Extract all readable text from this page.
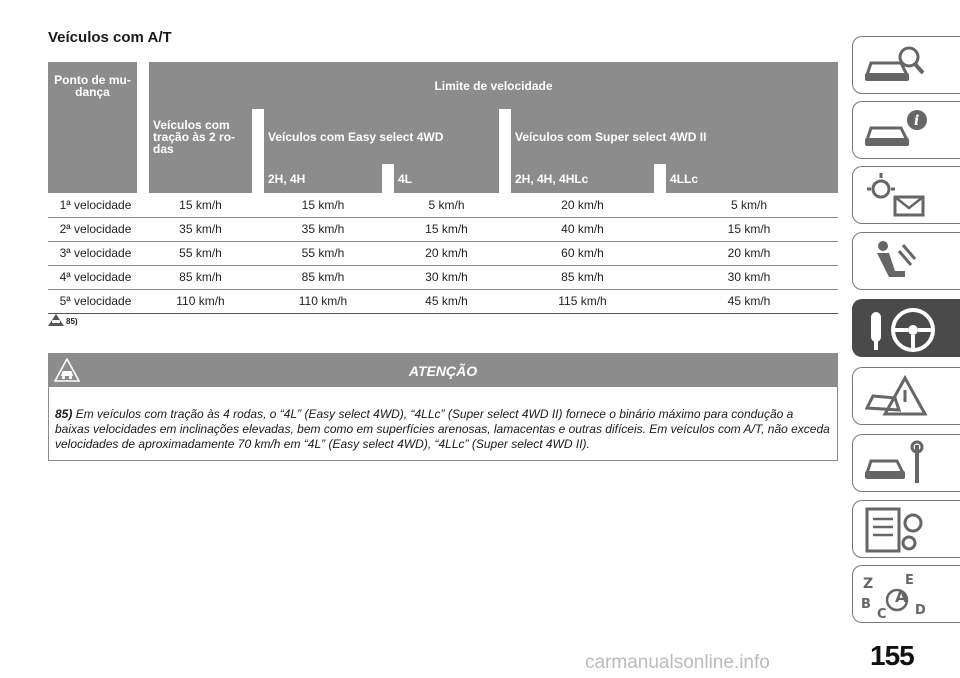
Veículos com A/T
Ponto de mu-
dança	Limite de velocidade				
	Veículos com
tração às 2 ro-
das	Veículos com Easy select 4WD		Veículos com Super select 4WD II	
		2H, 4H	4L	2H, 4H, 4HLc	4LLc
1ª velocidade	15 km/h	15 km/h	5 km/h	20 km/h	5 km/h
2ª velocidade	35 km/h	35 km/h	15 km/h	40 km/h	15 km/h
3ª velocidade	55 km/h	55 km/h	20 km/h	60 km/h	20 km/h
4ª velocidade	85 km/h	85 km/h	30 km/h	85 km/h	30 km/h
5ª velocidade	110 km/h	110 km/h	45 km/h	115 km/h	45 km/h
85)
ATENÇÃO
85) Em veículos com tração às 4 rodas, o “4L” (Easy select 4WD), “4LLc” (Super select 4WD II) fornece o binário máximo para condução a baixas velocidades em inclinações elevadas, bem como em superfícies arenosas, lamacentas e outras difíceis. Em veículos com A/T, não exceda velocidades de aproximadamente 70 km/h em “4L” (Easy select 4WD), “4LLc” (Super select 4WD II).
i
Z E
A
B	D
C
155
carmanualsonline.info
